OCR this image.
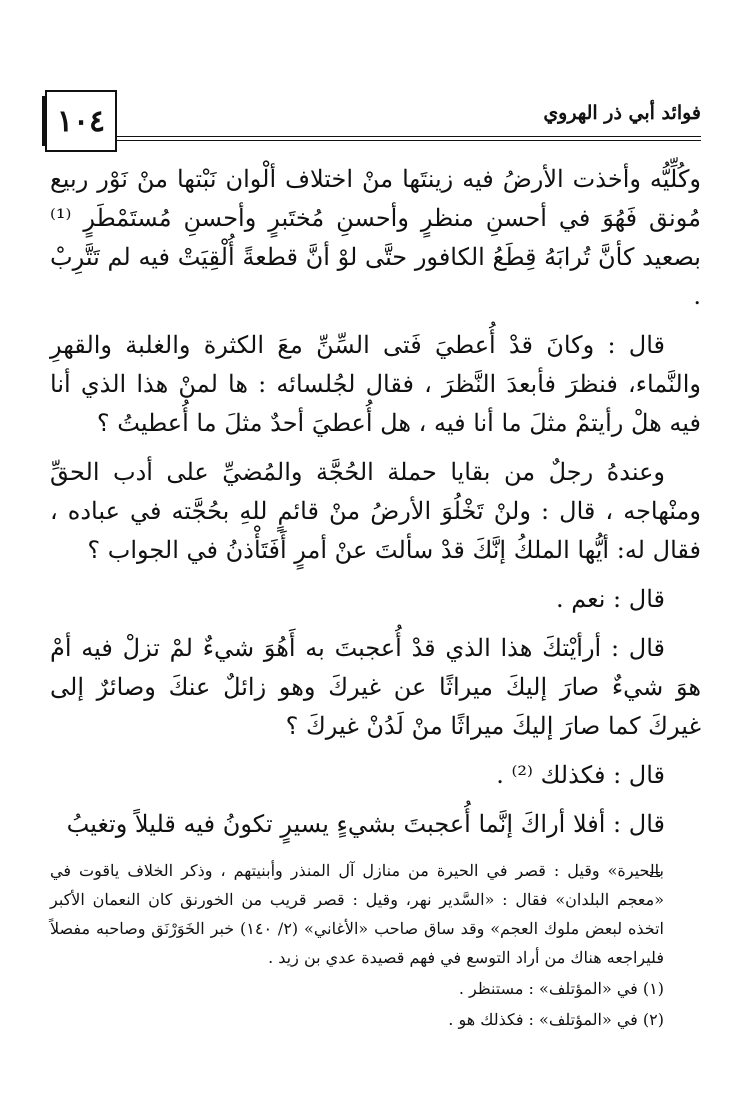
١٠٤	فوائد أبي ذر الهروي

وكُلِّيُّه وأخذت الأرضُ فيه زينتَها منْ اختلاف ألْوان نَبْتها منْ نَوْر ربيع مُونق فَهُوَ في أحسنِ منظرٍ وأحسنِ مُختَبرٍ وأحسنِ مُستَمْطَرٍ ⁽¹⁾ بصعيد كأنَّ تُرابَهُ قِطَعُ الكافور حتَّى لوْ أنَّ قطعةً أُلْقِيَتْ فيه لم تَتَّرِبْ .

قال : وكانَ قدْ أُعطيَ فَتى السِّنِّ معَ الكثرة والغلبة والقهرِ والنَّماء، فنظرَ فأبعدَ النَّظرَ ، فقال لجُلسائه : ها لمنْ هذا الذي أنا فيه هلْ رأيتمْ مثلَ ما أنا فيه ، هل أُعطيَ أحدٌ مثلَ ما أُعطيتُ ؟

وعندهُ رجلٌ من بقايا حملة الحُجَّة والمُضيِّ على أدب الحقِّ ومنْهاجه ، قال : ولنْ تَخْلُوَ الأرضُ منْ قائمٍ للهِ بحُجَّته في عباده ، فقال له: أيُّها الملكُ إنَّكَ قدْ سألتَ عنْ أمرٍ أَفَتَأْذنُ في الجواب ؟

قال : نعم .

قال : أرأيْتكَ هذا الذي قدْ أُعجبتَ به أَهُوَ شيءٌ لمْ تزلْ فيه أمْ هوَ شيءٌ صارَ إليكَ ميراثًا عن غيركَ وهو زائلٌ عنكَ وصائرٌ إلى غيركَ كما صارَ إليكَ ميراثًا منْ لَدُنْ غيركَ ؟

قال : فكذلك ⁽²⁾ .

قال : أفلا أراكَ إنَّما أُعجبتَ بشيءٍ يسيرٍ تكونُ فيه قليلاً وتغيبُ

بالحيرة» وقيل : قصر في الحيرة من منازل آل المنذر وأبنيتهم ، وذكر الخلاف ياقوت في «معجم البلدان» فقال : «السَّدير نهر، وقيل : قصر قريب من الخورنق كان النعمان الأكبر اتخذه لبعض ملوك العجم» وقد ساق صاحب «الأغاني» (٢/ ١٤٠) خبر الخَوَرْنَق وصاحبه مفصلاً فليراجعه هناك من أراد التوسع في فهم قصيدة عدي بن زيد .

(١) في «المؤتلف» : مستنظر .

(٢) في «المؤتلف» : فكذلك هو .
